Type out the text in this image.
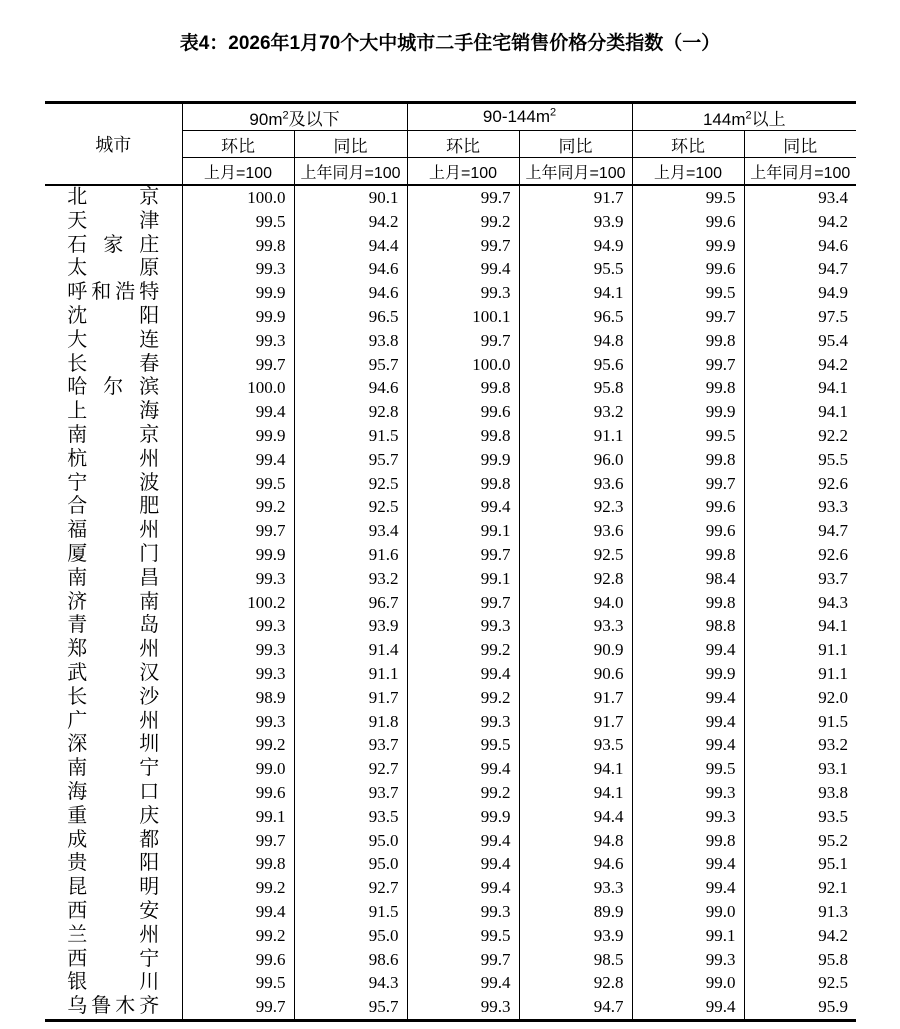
表4：2026年1月70个大中城市二手住宅销售价格分类指数（一）
城市	$90m^2$及以下		$90-144m^2$		$144m^2$以上	
	环比	同比	环比	同比	环比	同比
	上月=100	上年同月=100	上月=100	上年同月=100	上月=100	上年同月=100
北京	100.0	90.1	99.7	91.7	99.5	93.4
天津	99.5	94.2	99.2	93.9	99.6	94.2
石家庄	99.8	94.4	99.7	94.9	99.9	94.6
太原	99.3	94.6	99.4	95.5	99.6	94.7
呼和浩特	99.9	94.6	99.3	94.1	99.5	94.9
沈阳	99.9	96.5	100.1	96.5	99.7	97.5
大连	99.3	93.8	99.7	94.8	99.8	95.4
长春	99.7	95.7	100.0	95.6	99.7	94.2
哈尔滨	100.0	94.6	99.8	95.8	99.8	94.1
上海	99.4	92.8	99.6	93.2	99.9	94.1
南京	99.9	91.5	99.8	91.1	99.5	92.2
杭州	99.4	95.7	99.9	96.0	99.8	95.5
宁波	99.5	92.5	99.8	93.6	99.7	92.6
合肥	99.2	92.5	99.4	92.3	99.6	93.3
福州	99.7	93.4	99.1	93.6	99.6	94.7
厦门	99.9	91.6	99.7	92.5	99.8	92.6
南昌	99.3	93.2	99.1	92.8	98.4	93.7
济南	100.2	96.7	99.7	94.0	99.8	94.3
青岛	99.3	93.9	99.3	93.3	98.8	94.1
郑州	99.3	91.4	99.2	90.9	99.4	91.1
武汉	99.3	91.1	99.4	90.6	99.9	91.1
长沙	98.9	91.7	99.2	91.7	99.4	92.0
广州	99.3	91.8	99.3	91.7	99.4	91.5
深圳	99.2	93.7	99.5	93.5	99.4	93.2
南宁	99.0	92.7	99.4	94.1	99.5	93.1
海口	99.6	93.7	99.2	94.1	99.3	93.8
重庆	99.1	93.5	99.9	94.4	99.3	93.5
成都	99.7	95.0	99.4	94.8	99.8	95.2
贵阳	99.8	95.0	99.4	94.6	99.4	95.1
昆明	99.2	92.7	99.4	93.3	99.4	92.1
西安	99.4	91.5	99.3	89.9	99.0	91.3
兰州	99.2	95.0	99.5	93.9	99.1	94.2
西宁	99.6	98.6	99.7	98.5	99.3	95.8
银川	99.5	94.3	99.4	92.8	99.0	92.5
乌鲁木齐	99.7	95.7	99.3	94.7	99.4	95.9
